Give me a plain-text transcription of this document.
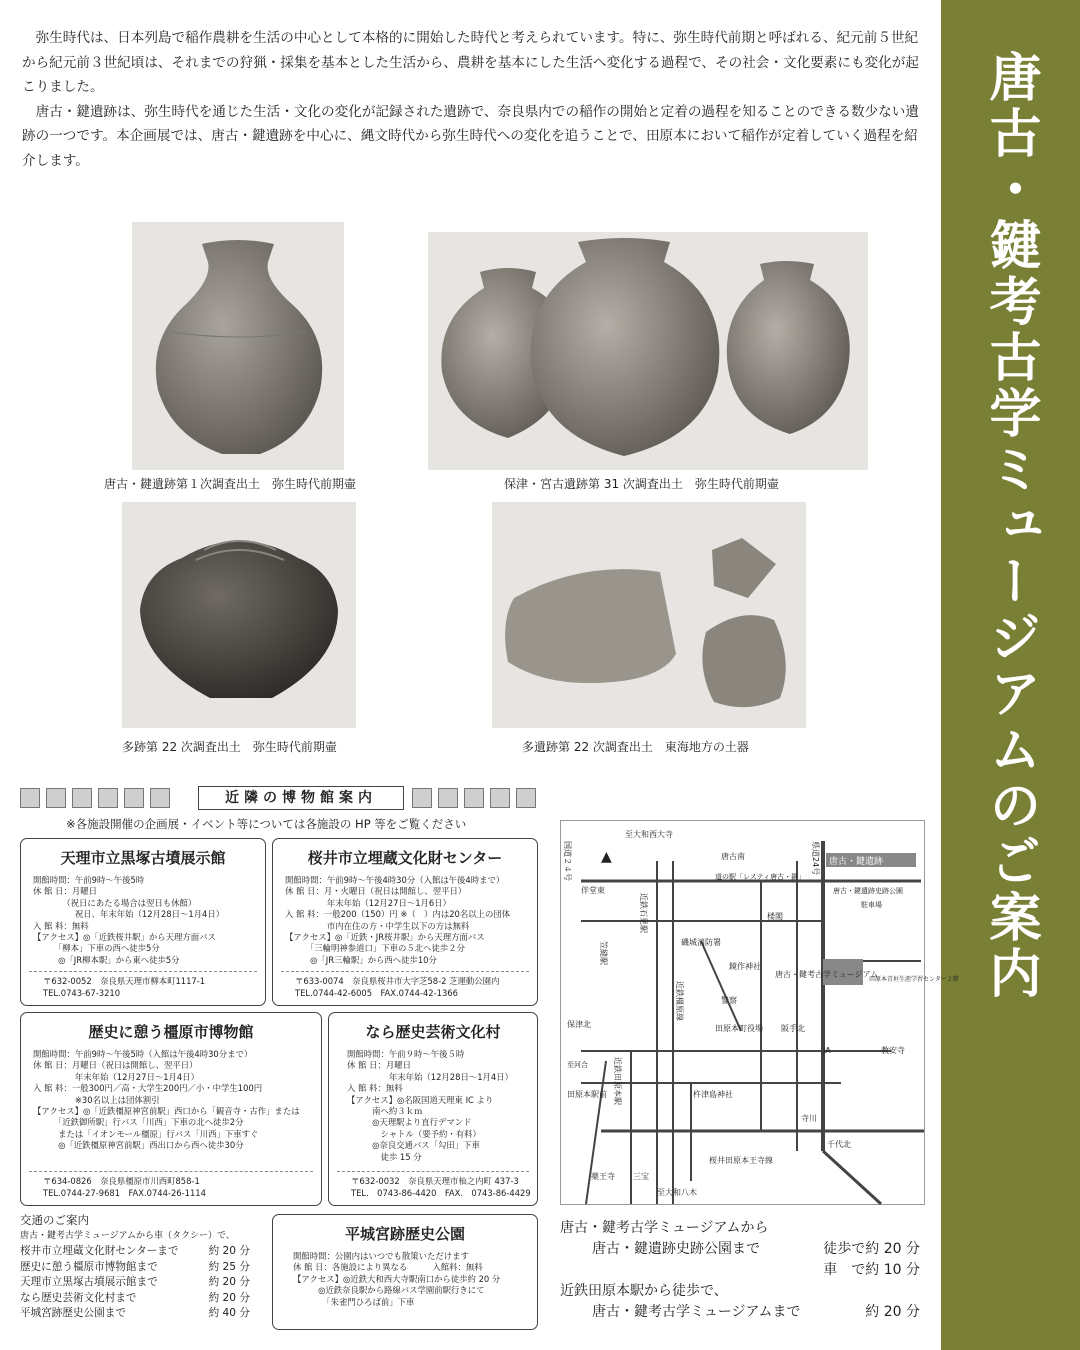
弥生時代は、日本列島で稲作農耕を生活の中心として本格的に開始した時代と考えられています。特に、弥生時代前期と呼ばれる、紀元前５世紀から紀元前３世紀頃は、それまでの狩猟・採集を基本とした生活から、農耕を基本にした生活へ変化する過程で、その社会・文化要素にも変化が起こりました。

唐古・鍵遺跡は、弥生時代を通じた生活・文化の変化が記録された遺跡で、奈良県内での稲作の開始と定着の過程を知ることのできる数少ない遺跡の一つです。本企画展では、唐古・鍵遺跡を中心に、縄文時代から弥生時代への変化を追うことで、田原本において稲作が定着していく過程を紹介します。	唐古・鍵考古学ミュージアムのご案内
唐古・鍵遺跡第１次調査出土　弥生時代前期壷	保津・宮古遺跡第 31 次調査出土　弥生時代前期壷
多跡第 22 次調査出土　弥生時代前期壷	多遺跡第 22 次調査出土　東海地方の土器
近隣の博物館案内
※各施設開催の企画展・イベント等については各施設の HP 等をご覧ください
天理市立黒塚古墳展示館
開館時間：午前9時～午後5時
休 館 日：月曜日
　　　　（祝日にあたる場合は翌日も休館）
　　　　　祝日、年末年始（12月28日～1月4日）
入 館 料：無料
【アクセス】◎「近鉄桜井駅」から天理方面バス
　　　「柳本」下車の西へ徒歩5分
　　　◎「JR柳本駅」から東へ徒歩5分
〒632-0052　奈良県天理市柳本町1117-1
TEL.0743-67-3210
桜井市立埋蔵文化財センター
開館時間：午前9時～午後4時30分（入館は午後4時まで）
休 館 日：月・火曜日（祝日は開館し、翌平日）
　　　　　年末年始（12月27日～1月6日）
入 館 料：一般200（150）円 ※（　）内は20名以上の団体
　　　　　市内在住の方・中学生以下の方は無料
【アクセス】◎「近鉄・JR桜井駅」から天理方面バス
　　　「三輪明神参道口」下車の５北へ徒歩２分
　　　◎「JR三輪駅」から西へ徒歩10分
〒633-0074　奈良県桜井市大字芝58-2 芝運動公園内
TEL.0744-42-6005　FAX.0744-42-1366
歴史に憩う橿原市博物館
開館時間：午前9時～午後5時（入館は午後4時30分まで）
休 館 日：月曜日（祝日は開館し、翌平日）
　　　　　年末年始（12月27日～1月4日）
入 館 料：一般300円／高・大学生200円／小・中学生100円
　　　　　※30名以上は団体割引
【アクセス】◎「近鉄橿原神宮前駅」西口から「観音寺・古作」または
　　　「近鉄御所駅」行バス「川西」下車の北へ徒歩2分
　　　または「イオンモール橿原」行バス「川西」下車すぐ
　　　◎「近鉄橿原神宮前駅」西出口から西へ徒歩30分
〒634-0826　奈良県橿原市川西町858-1
TEL.0744-27-9681　FAX.0744-26-1114
なら歴史芸術文化村
開館時間：午前９時～午後５時
休 館 日：月曜日
　　　　　年末年始（12月28日～1月4日）
入 館 料：無料
【アクセス】◎名阪国道天理東 IC より
　　　南へ約３ｋｍ
　　　◎天理駅より直行デマンド
　　　　シャトル（要予約・有料）
　　　◎奈良交通バス「勾田」下車
　　　　徒歩 15 分
〒632-0032　奈良県天理市杣之内町 437-3
TEL.　0743-86-4420　FAX.　0743-86-4429
平城宮跡歴史公園
開館時間：公園内はいつでも散策いただけます
休 館 日：各施設により異なる　　　入館料：無料
【アクセス】◎近鉄大和西大寺駅南口から徒歩約 20 分
　　　◎近鉄奈良駅から路線バス学園前駅行きにて
　　　　「朱雀門ひろば前」下車
交通のご案内
唐古・鍵考古学ミュージアムから車（タクシー）で、
桜井市立埋蔵文化財センターまで	約 20 分
歴史に憩う橿原市博物館まで	約 25 分
天理市立黒塚古墳展示館まで	約 20 分
なら歴史芸術文化村まで	約 20 分
平城宮跡歴史公園まで	約 40 分
唐古・鍵遺跡
唐古・鍵考古学ミュージアム
至大和西大寺
至大和八木
唐古南
道の駅「レスティ唐古・鍵」
唐古・鍵遺跡史跡公園
駐車場
伴堂東
楼閣
磯城消防署
鏡作神社
警察
田原本町役場 阪手北
JA	教安寺
保津北
田原本駅前	杵津島神社
桜井田原本王寺線
薬王寺 三宝
千代北
寺川
至河合
近鉄橿原線
笠縫駅
近鉄石見駅
近鉄田原本駅
田原本青垣生涯学習センター２階
国道２４号	県道24号
▲
唐古・鍵考古学ミュージアムから
唐古・鍵遺跡史跡公園まで	徒歩で約 20 分
車　で約 10 分
近鉄田原本駅から徒歩で、
唐古・鍵考古学ミュージアムまで	約 20 分
